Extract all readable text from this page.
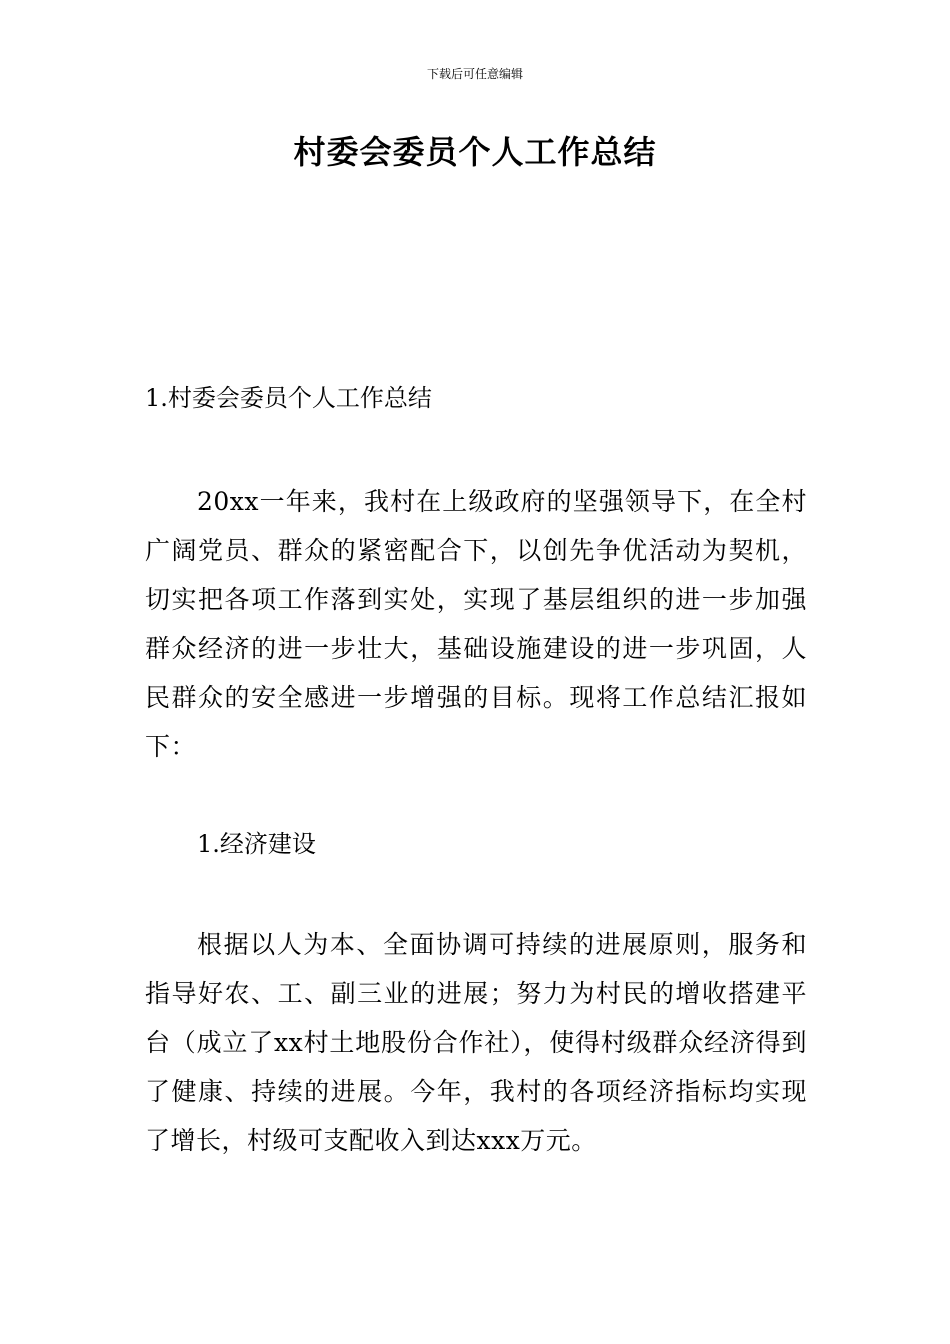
下载后可任意编辑
村委会委员个人工作总结
1.村委会委员个人工作总结

20xx一年来，我村在上级政府的坚强领导下，在全村广阔党员、群众的紧密配合下，以创先争优活动为契机，切实把各项工作落到实处，实现了基层组织的进一步加强群众经济的进一步壮大，基础设施建设的进一步巩固，人民群众的安全感进一步增强的目标。现将工作总结汇报如下：

1.经济建设

根据以人为本、全面协调可持续的进展原则，服务和指导好农、工、副三业的进展；努力为村民的增收搭建平台（成立了xx村土地股份合作社），使得村级群众经济得到了健康、持续的进展。今年，我村的各项经济指标均实现了增长，村级可支配收入到达xxx万元。
